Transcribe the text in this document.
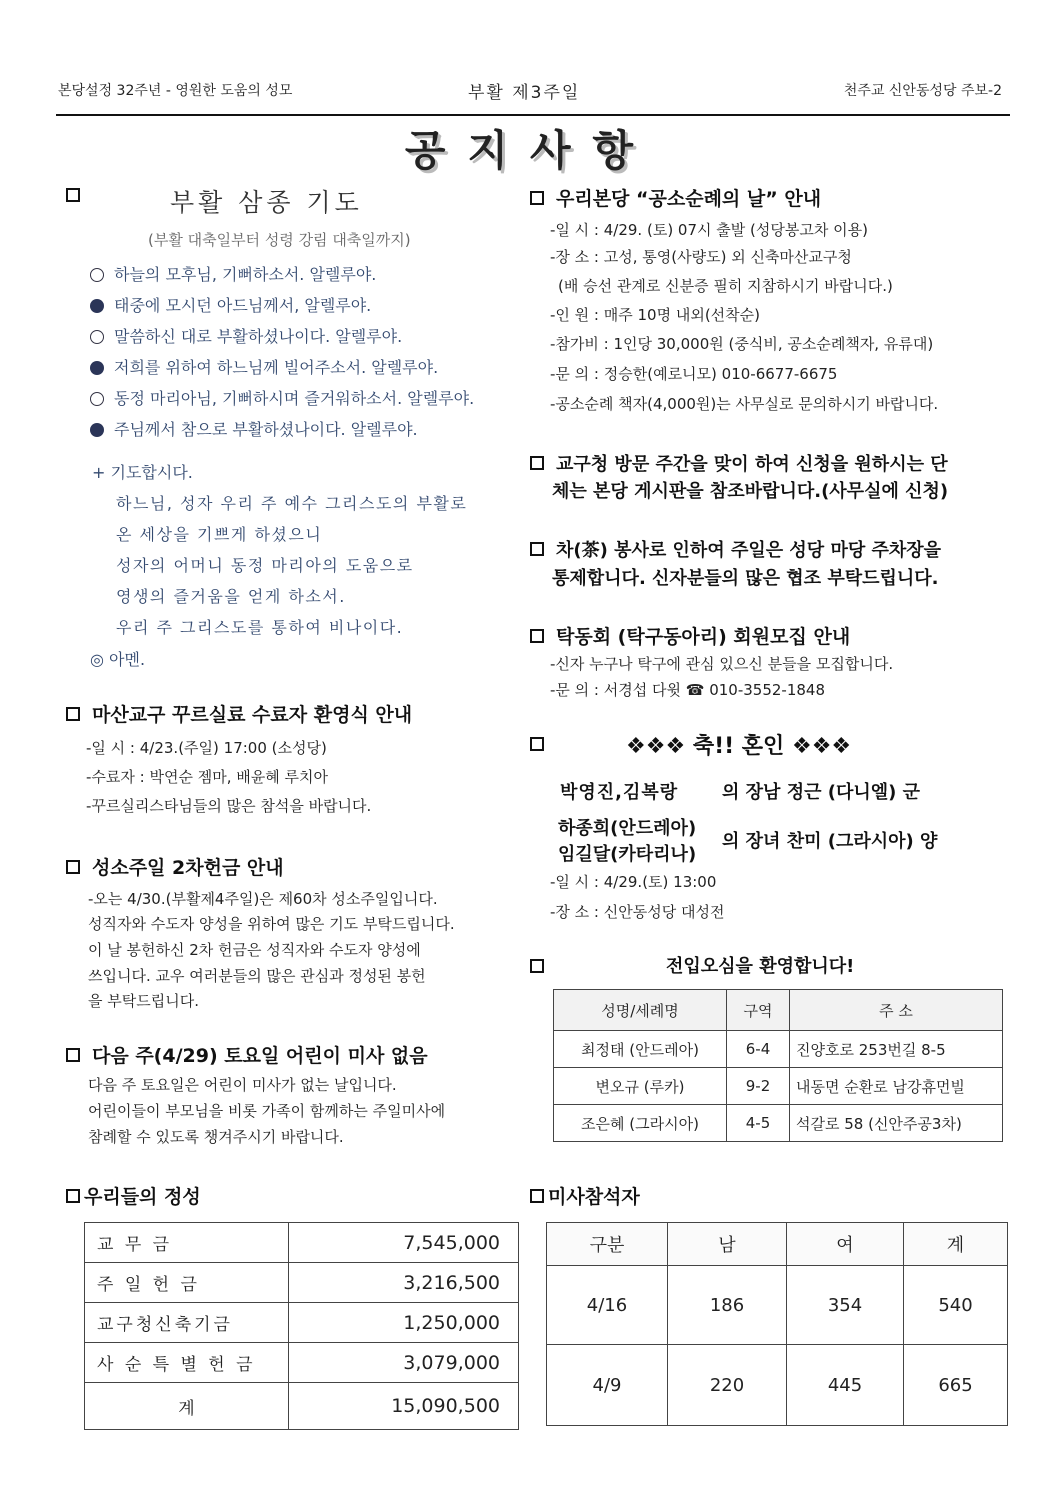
본당설정 32주년 - 영원한 도움의 성모	부활 제3주일	천주교 신안동성당 주보-2
공지사항
부활 삼종 기도
(부활 대축일부터 성령 강림 대축일까지)
하늘의 모후님, 기뻐하소서. 알렐루야.
태중에 모시던 아드님께서, 알렐루야.
말씀하신 대로 부활하셨나이다. 알렐루야.
저희를 위하여 하느님께 빌어주소서. 알렐루야.
동정 마리아님, 기뻐하시며 즐거워하소서. 알렐루야.
주님께서 참으로 부활하셨나이다. 알렐루야.
+ 기도합시다.
하느님, 성자 우리 주 예수 그리스도의 부활로
온 세상을 기쁘게 하셨으니
성자의 어머니 동정 마리아의 도움으로
영생의 즐거움을 얻게 하소서.
우리 주 그리스도를 통하여 비나이다.
◎ 아멘.
마산교구 꾸르실료 수료자 환영식 안내
-일 시 : 4/23.(주일) 17:00 (소성당)
-수료자 : 박연순 젬마, 배윤혜 루치아
-꾸르실리스타님들의 많은 참석을 바랍니다.
성소주일 2차헌금 안내
-오는 4/30.(부활제4주일)은 제60차 성소주일입니다.
성직자와 수도자 양성을 위하여 많은 기도 부탁드립니다.
이 날 봉헌하신 2차 헌금은 성직자와 수도자 양성에
쓰입니다. 교우 여러분들의 많은 관심과 정성된 봉헌
을 부탁드립니다.
다음 주(4/29) 토요일 어린이 미사 없음
다음 주 토요일은 어린이 미사가 없는 날입니다.
어린이들이 부모님을 비롯 가족이 함께하는 주일미사에
참례할 수 있도록 챙겨주시기 바랍니다.
우리본당 “공소순례의 날” 안내
-일 시 : 4/29. (토) 07시 출발 (성당봉고차 이용)
-장 소 : 고성, 통영(사량도) 외 신축마산교구청
(배 승선 관계로 신분증 필히 지참하시기 바랍니다.)
-인 원 : 매주 10명 내외(선착순)
-참가비 : 1인당 30,000원 (중식비, 공소순례책자, 유류대)
-문 의 : 정승한(예로니모) 010-6677-6675
-공소순례 책자(4,000원)는 사무실로 문의하시기 바랍니다.
교구청 방문 주간을 맞이 하여 신청을 원하시는 단
체는 본당 게시판을 참조바랍니다.(사무실에 신청)
차(茶) 봉사로 인하여 주일은 성당 마당 주차장을
통제합니다. 신자분들의 많은 협조 부탁드립니다.
탁동회 (탁구동아리) 회원모집 안내
-신자 누구나 탁구에 관심 있으신 분들을 모집합니다.
-문 의 : 서경섭 다윗 ☎ 010-3552-1848
❖❖❖ 축!! 혼인 ❖❖❖
박영진,김복랑 의 장남 정근 (다니엘) 군
하종희(안드레아)
임길달(카타리나)
의 장녀 찬미 (그라시아) 양
-일 시 : 4/29.(토) 13:00
-장 소 : 신안동성당 대성전
전입오심을 환영합니다!
성명/세례명	구역	주 소
최정태 (안드레아)	6-4	진양호로 253번길 8-5
변오규 (루카)	9-2	내동면 순환로 남강휴먼빌
조은혜 (그라시아)	4-5	석갈로 58 (신안주공3차)
우리들의 정성
교 무 금	7,545,000
주 일 헌 금	3,216,500
교구청신축기금	1,250,000
사 순 특 별 헌 금	3,079,000
계	15,090,500
미사참석자
구분	남	여	계
4/16	186	354	540
4/9	220	445	665
